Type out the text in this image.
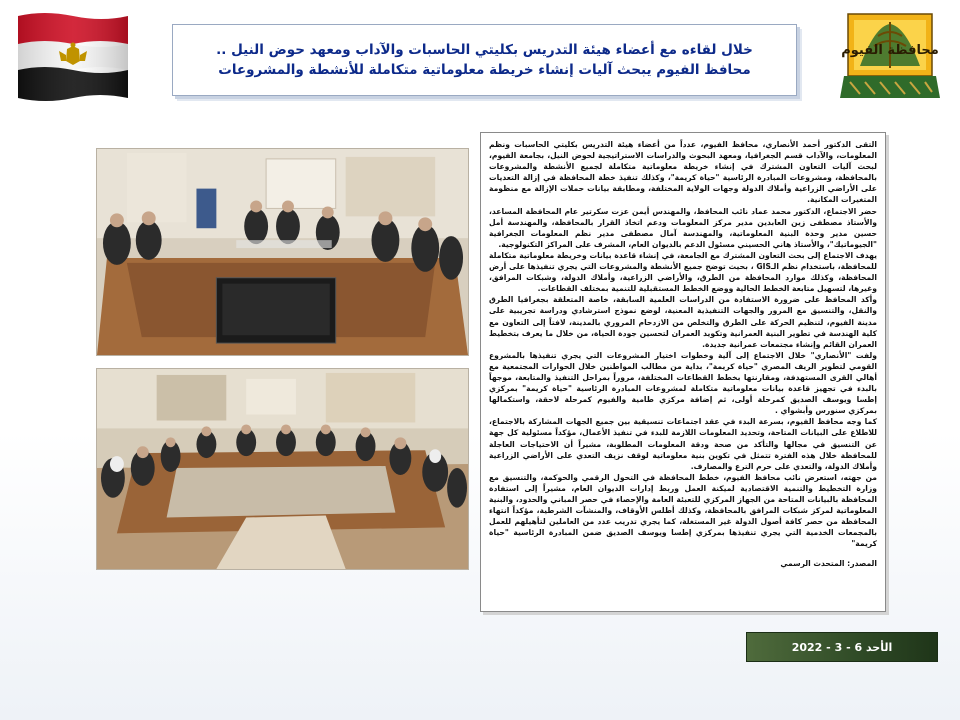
محافظة الفيوم
خلال لقاءه مع أعضاء هيئة التدريس بكليتي الحاسبات والآداب ومعهد حوض النيل ..
محافظ الفيوم يبحث آليات إنشاء خريطة معلوماتية متكاملة للأنشطة والمشروعات

التقى الدكتور أحمد الأنصاري، محافظ الفيوم، عدداً من أعضاء هيئة التدريس بكليتي الحاسبات ونظم المعلومات، والآداب قسم الجغرافيا، ومعهد البحوث والدراسات الاستراتيجية لحوض النيل، بجامعة الفيوم، لبحث آليات التعاون المشترك في إنشاء خريطة معلوماتية متكاملة لجميع الأنشطة والمشروعات بالمحافظة، ومشروعات المبادرة الرئاسية "حياة كريمة"، وكذلك تنفيذ خطة المحافظة في إزالة التعديات على الأراضي الزراعية وأملاك الدولة وجهات الولاية المختلفة، ومطابقة بيانات حملات الإزالة مع منظومة المتغيرات المكانية.

حضر الاجتماع، الدكتور محمد عماد نائب المحافظ، والمهندس أيمن عزت سكرتير عام المحافظة المساعد، والأستاذ مصطفى زين العابدين مدير مركز المعلومات ودعم اتخاذ القرار بالمحافظة، والمهندسة أمل حسين مدير وحدة البنية المعلوماتية، والمهندسة آمال مصطفى مدير نظم المعلومات الجغرافية "الجيوماتيك"، والأستاذ هاني الحسيني مسئول الدعم بالديوان العام، المشرف على المراكز التكنولوجية.

يهدف الاجتماع إلى بحث التعاون المشترك مع الجامعة، في إنشاء قاعدة بيانات وخريطة معلوماتية متكاملة للمحافظة، باستخدام نظم الـGIS ، بحيث توضح جميع الأنشطة والمشروعات التي يجري تنفيذها على أرض المحافظة، وكذلك موارد المحافظة من الطرق، والأراضي الزراعية، وأملاك الدولة، وشبكات المرافق، وغيرها، لتسهيل متابعة الخطط الحالية ووضع الخطط المستقبلية للتنمية بمختلف القطاعات.

وأكد المحافظ على ضرورة الاستفادة من الدراسات العلمية السابقة، خاصة المتعلقة بجغرافيا الطرق والنقل، والتنسيق مع المرور والجهات التنفيذية المعنية، لوضع نموذج استرشادي ودراسة تجريبية على مدينة الفيوم، لتنظيم الحركة على الطرق والتخلص من الازدحام المروري بالمدينة، لافتاً إلى التعاون مع كلية الهندسة في تطوير البنية العمرانية وتكويد العمران لتحسين جودة الحياة، من خلال ما يعرف بتخطيط العمران القائم وإنشاء مجتمعات عمرانية جديدة.

ولفت "الأنصاري" خلال الاجتماع إلى آلية وخطوات اختيار المشروعات التي يجري تنفيذها بالمشروع القومي لتطوير الريف المصري "حياة كريمة"، بداية من مطالب المواطنين خلال الحوارات المجتمعية مع أهالي القرى المستهدفة، ومقارنتها بخطط القطاعات المختلفة، مروراً بمراحل التنفيذ والمتابعة، موجهاً بالبدء في تجهيز قاعدة بيانات معلوماتية متكاملة لمشروعات المبادرة الرئاسية "حياة كريمة" بمركزي إطسا ويوسف الصديق كمرحلة أولى، ثم إضافة مركزي طامية والفيوم كمرحلة لاحقة، واستكمالها بمركزي سنورس وأبشواي .

كما وجه محافظ الفيوم، بسرعة البدء في عقد اجتماعات تنسيقية بين جميع الجهات المشاركة بالاجتماع، للاطلاع على البيانات المتاحة، وتحديد المعلومات اللازمة للبدء في تنفيذ الأعمال، مؤكداً مسئولية كل جهة عن التنسيق في مجالها والتأكد من صحة ودقة المعلومات المطلوبة، مشيراً أن الاحتياجات العاجلة للمحافظة خلال هذه الفترة تتمثل في تكوين بنية معلوماتية لوقف نزيف التعدي على الأراضي الزراعية وأملاك الدولة، والتعدي على حرم الترع والمصارف.

من جهته، استعرض نائب محافظ الفيوم، خطط المحافظة في التحول الرقمي والحوكمة، والتنسيق مع وزارة التخطيط والتنمية الاقتصادية لميكنة العمل وربط إدارات الديوان العام، مشيراً إلى استفادة المحافظة بالبيانات المتاحة من الجهاز المركزي للتعبئة العامة والإحصاء في حصر المباني والحدود، والبنية المعلوماتية لمركز شبكات المرافق بالمحافظة، وكذلك أطلس الأوقاف، والمنشآت الشرطية، مؤكداً انتهاء المحافظة من حصر كافة أصول الدولة غير المستغلة، كما يجري تدريب عدد من العاملين لتأهيلهم للعمل بالمجمعات الخدمية التي يجري تنفيذها بمركزي إطسا ويوسف الصديق ضمن المبادرة الرئاسية "حياة كريمة"

المصدر: المتحدث الرسمي
الأحد 6 - 3 - 2022
